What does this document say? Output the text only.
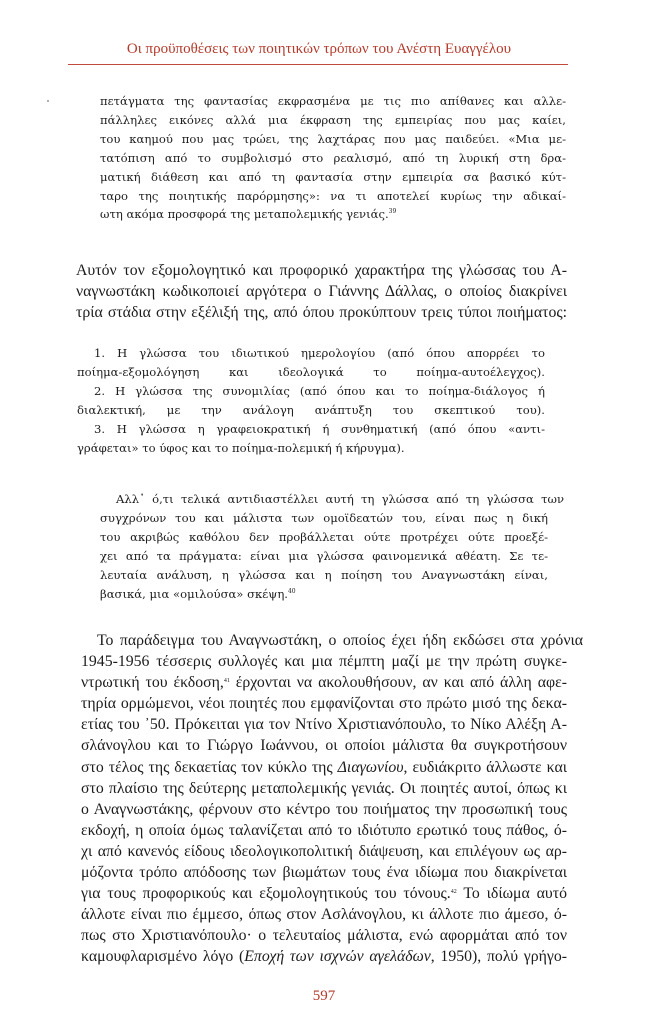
Οι προϋποθέσεις των ποιητικών τρόπων του Ανέστη Ευαγγέλου
πετάγματα της φαντασίας εκφρασμένα με τις πιο απίθανες και αλλε-
πάλληλες εικόνες αλλά μια έκφραση της εμπειρίας που μας καίει,
του καημού που μας τρώει, της λαχτάρας που μας παιδεύει. «Μια με-
τατόπιση από το συμβολισμό στο ρεαλισμό, από τη λυρική στη δρα-
ματική διάθεση και από τη φαντασία στην εμπειρία σα βασικό κύτ-
ταρο της ποιητικής παρόρμησης»: να τι αποτελεί κυρίως την αδικαί-
ωτη ακόμα προσφορά της μεταπολεμικής γενιάς.$^{39}$
Αυτόν τον εξομολογητικό και προφορικό χαρακτήρα της γλώσσας του Α-
ναγνωστάκη κωδικοποιεί αργότερα ο Γιάννης Δάλλας, ο οποίος διακρίνει
τρία στάδια στην εξέλιξή της, από όπου προκύπτουν τρεις τύποι ποιήματος:
1. Η γλώσσα του ιδιωτικού ημερολογίου (από όπου απορρέει το
ποίημα-εξομολόγηση και ιδεολογικά το ποίημα-αυτοέλεγχος).
2. Η γλώσσα της συνομιλίας (από όπου και το ποίημα-διάλογος ή
διαλεκτική, με την ανάλογη ανάπτυξη του σκεπτικού του).
3. Η γλώσσα η γραφειοκρατική ή συνθηματική (από όπου «αντι-
γράφεται» το ύφος και το ποίημα-πολεμική ή κήρυγμα).
Αλλ᾽ ό,τι τελικά αντιδιαστέλλει αυτή τη γλώσσα από τη γλώσσα των
συγχρόνων του και μάλιστα των ομοϊδεατών του, είναι πως η δική
του ακριβώς καθόλου δεν προβάλλεται ούτε προτρέχει ούτε προεξέ-
χει από τα πράγματα: είναι μια γλώσσα φαινομενικά αθέατη. Σε τε-
λευταία ανάλυση, η γλώσσα και η ποίηση του Αναγνωστάκη είναι,
βασικά, μια «ομιλούσα» σκέψη.$^{40}$
Το παράδειγμα του Αναγνωστάκη, ο οποίος έχει ήδη εκδώσει στα χρόνια
1945-1956 τέσσερις συλλογές και μια πέμπτη μαζί με την πρώτη συγκε-
ντρωτική του έκδοση,$^{41}$ έρχονται να ακολουθήσουν, αν και από άλλη αφε-
τηρία ορμώμενοι, νέοι ποιητές που εμφανίζονται στο πρώτο μισό της δεκα-
ετίας του ᾽50. Πρόκειται για τον Ντίνο Χριστιανόπουλο, το Νίκο Αλέξη Α-
σλάνογλου και το Γιώργο Ιωάννου, οι οποίοι μάλιστα θα συγκροτήσουν
στο τέλος της δεκαετίας τον κύκλο της Διαγωνίου, ευδιάκριτο άλλωστε και
στο πλαίσιο της δεύτερης μεταπολεμικής γενιάς. Οι ποιητές αυτοί, όπως κι
ο Αναγνωστάκης, φέρνουν στο κέντρο του ποιήματος την προσωπική τους
εκδοχή, η οποία όμως ταλανίζεται από το ιδιότυπο ερωτικό τους πάθος, ό-
χι από κανενός είδους ιδεολογικοπολιτική διάψευση, και επιλέγουν ως αρ-
μόζοντα τρόπο απόδοσης των βιωμάτων τους ένα ιδίωμα που διακρίνεται
για τους προφορικούς και εξομολογητικούς του τόνους.$^{42}$ Το ιδίωμα αυτό
άλλοτε είναι πιο έμμεσο, όπως στον Ασλάνογλου, κι άλλοτε πιο άμεσο, ό-
πως στο Χριστιανόπουλο· ο τελευταίος μάλιστα, ενώ αφορμάται από τον
καμουφλαρισμένο λόγο (Εποχή των ισχνών αγελάδων, 1950), πολύ γρήγο-
597
